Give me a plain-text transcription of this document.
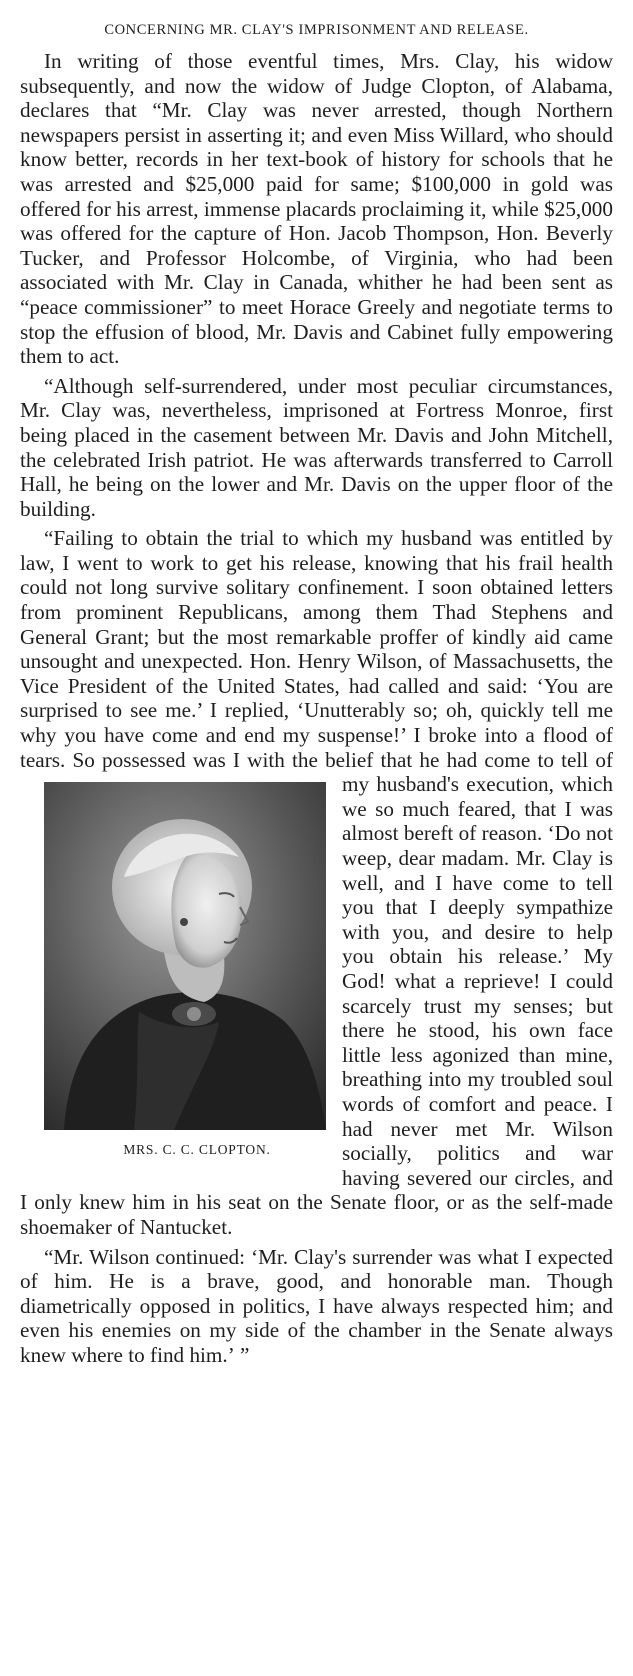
CONCERNING MR. CLAY'S IMPRISONMENT AND RELEASE.

In writing of those eventful times, Mrs. Clay, his widow subsequently, and now the widow of Judge Clopton, of Alabama, declares that “Mr. Clay was never arrested, though Northern newspapers persist in asserting it; and even Miss Willard, who should know better, records in her text-book of history for schools that he was arrested and $25,000 paid for same; $100,000 in gold was offered for his arrest, immense placards proclaiming it, while $25,000 was offered for the capture of Hon. Jacob Thompson, Hon. Beverly Tucker, and Professor Holcombe, of Virginia, who had been associated with Mr. Clay in Canada, whither he had been sent as “peace commissioner” to meet Horace Greely and negotiate terms to stop the effusion of blood, Mr. Davis and Cabinet fully empowering them to act.

“Although self-surrendered, under most peculiar circumstances, Mr. Clay was, nevertheless, imprisoned at Fortress Monroe, first being placed in the casement between Mr. Davis and John Mitchell, the celebrated Irish patriot. He was afterwards transferred to Carroll Hall, he being on the lower and Mr. Davis on the upper floor of the building.

“Failing to obtain the trial to which my husband was entitled by law, I went to work to get his release, knowing that his frail health could not long survive solitary confinement. I soon obtained letters from prominent Republicans, among them Thad Stephens and General Grant; but the most remarkable proffer of kindly aid came unsought and unexpected. Hon. Henry Wilson, of Massachusetts, the Vice President of the United States, had called and said: ‘You are surprised to see me.’ I replied, ‘Unutterably so; oh, quickly tell me why you have come and end my suspense!’ I broke into a flood of tears. So possessed was I with the belief that he had come to tell of my husband's execution, which
MRS. C. C. CLOPTON.
we so much feared, that I was almost bereft of reason. ‘Do not weep, dear madam. Mr. Clay is well, and I have come to tell you that I deeply sympathize with you, and desire to help you obtain his release.’ My God! what a reprieve! I could scarcely trust my senses; but there he stood, his own face little less agonized than mine, breathing into my troubled soul words of comfort and peace. I had never met Mr. Wilson socially, politics and war having severed our circles, and I only knew him in his seat on the Senate floor, or as the self-made shoemaker of Nantucket.

“Mr. Wilson continued: ‘Mr. Clay's surrender was what I expected of him. He is a brave, good, and honorable man. Though diametrically opposed in politics, I have always respected him; and even his enemies on my side of the chamber in the Senate always knew where to find him.’ ”
